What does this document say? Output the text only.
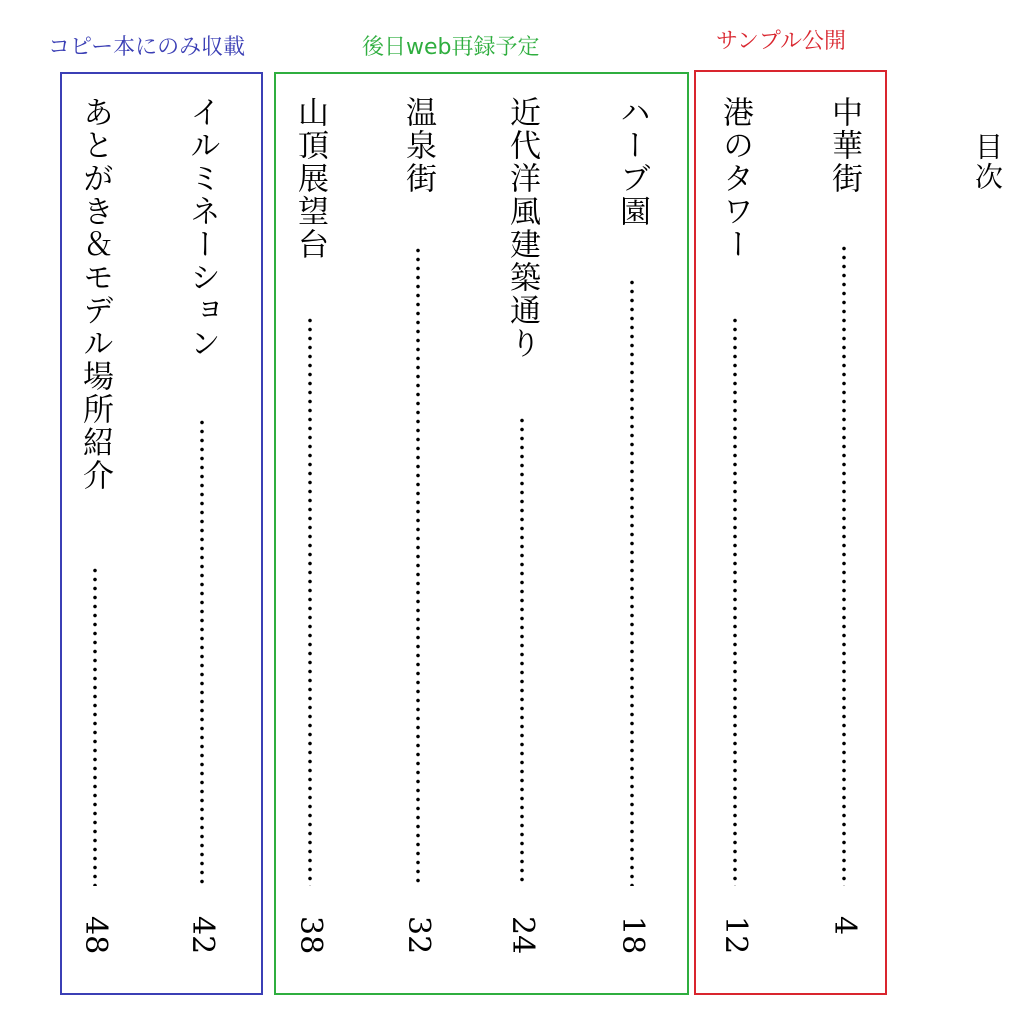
目次
サンプル公開
後日web再録予定
コピー本にのみ収載
中華街
4
港のタワー
12
ハーブ園
18
近代洋風建築通り
24
温泉街
32
山頂展望台
38
イルミネーション
42
あとがき＆モデル場所紹介
48
